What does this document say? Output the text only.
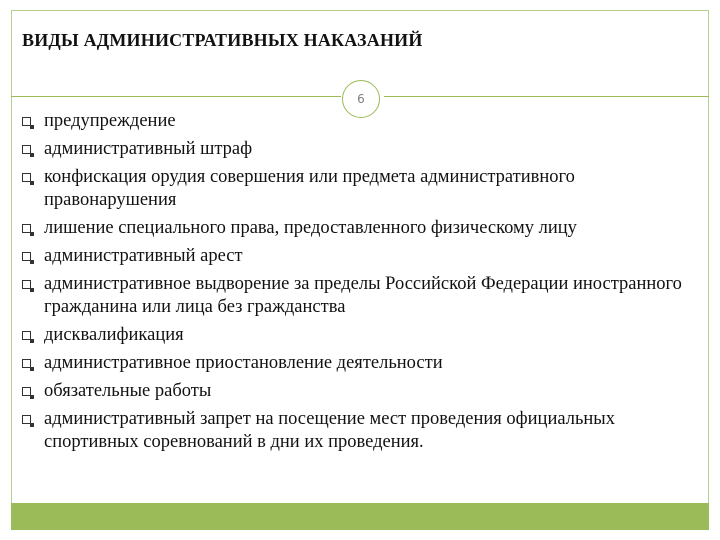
ВИДЫ АДМИНИСТРАТИВНЫХ НАКАЗАНИЙ
6
предупреждение
административный штраф
конфискация орудия совершения или предмета административного правонарушения
лишение специального права, предоставленного физическому лицу
административный арест
административное выдворение за пределы Российской Федерации иностранного гражданина или лица без гражданства
дисквалификация
административное приостановление деятельности
обязательные работы
административный запрет на посещение мест проведения официальных спортивных соревнований в дни их проведения.
